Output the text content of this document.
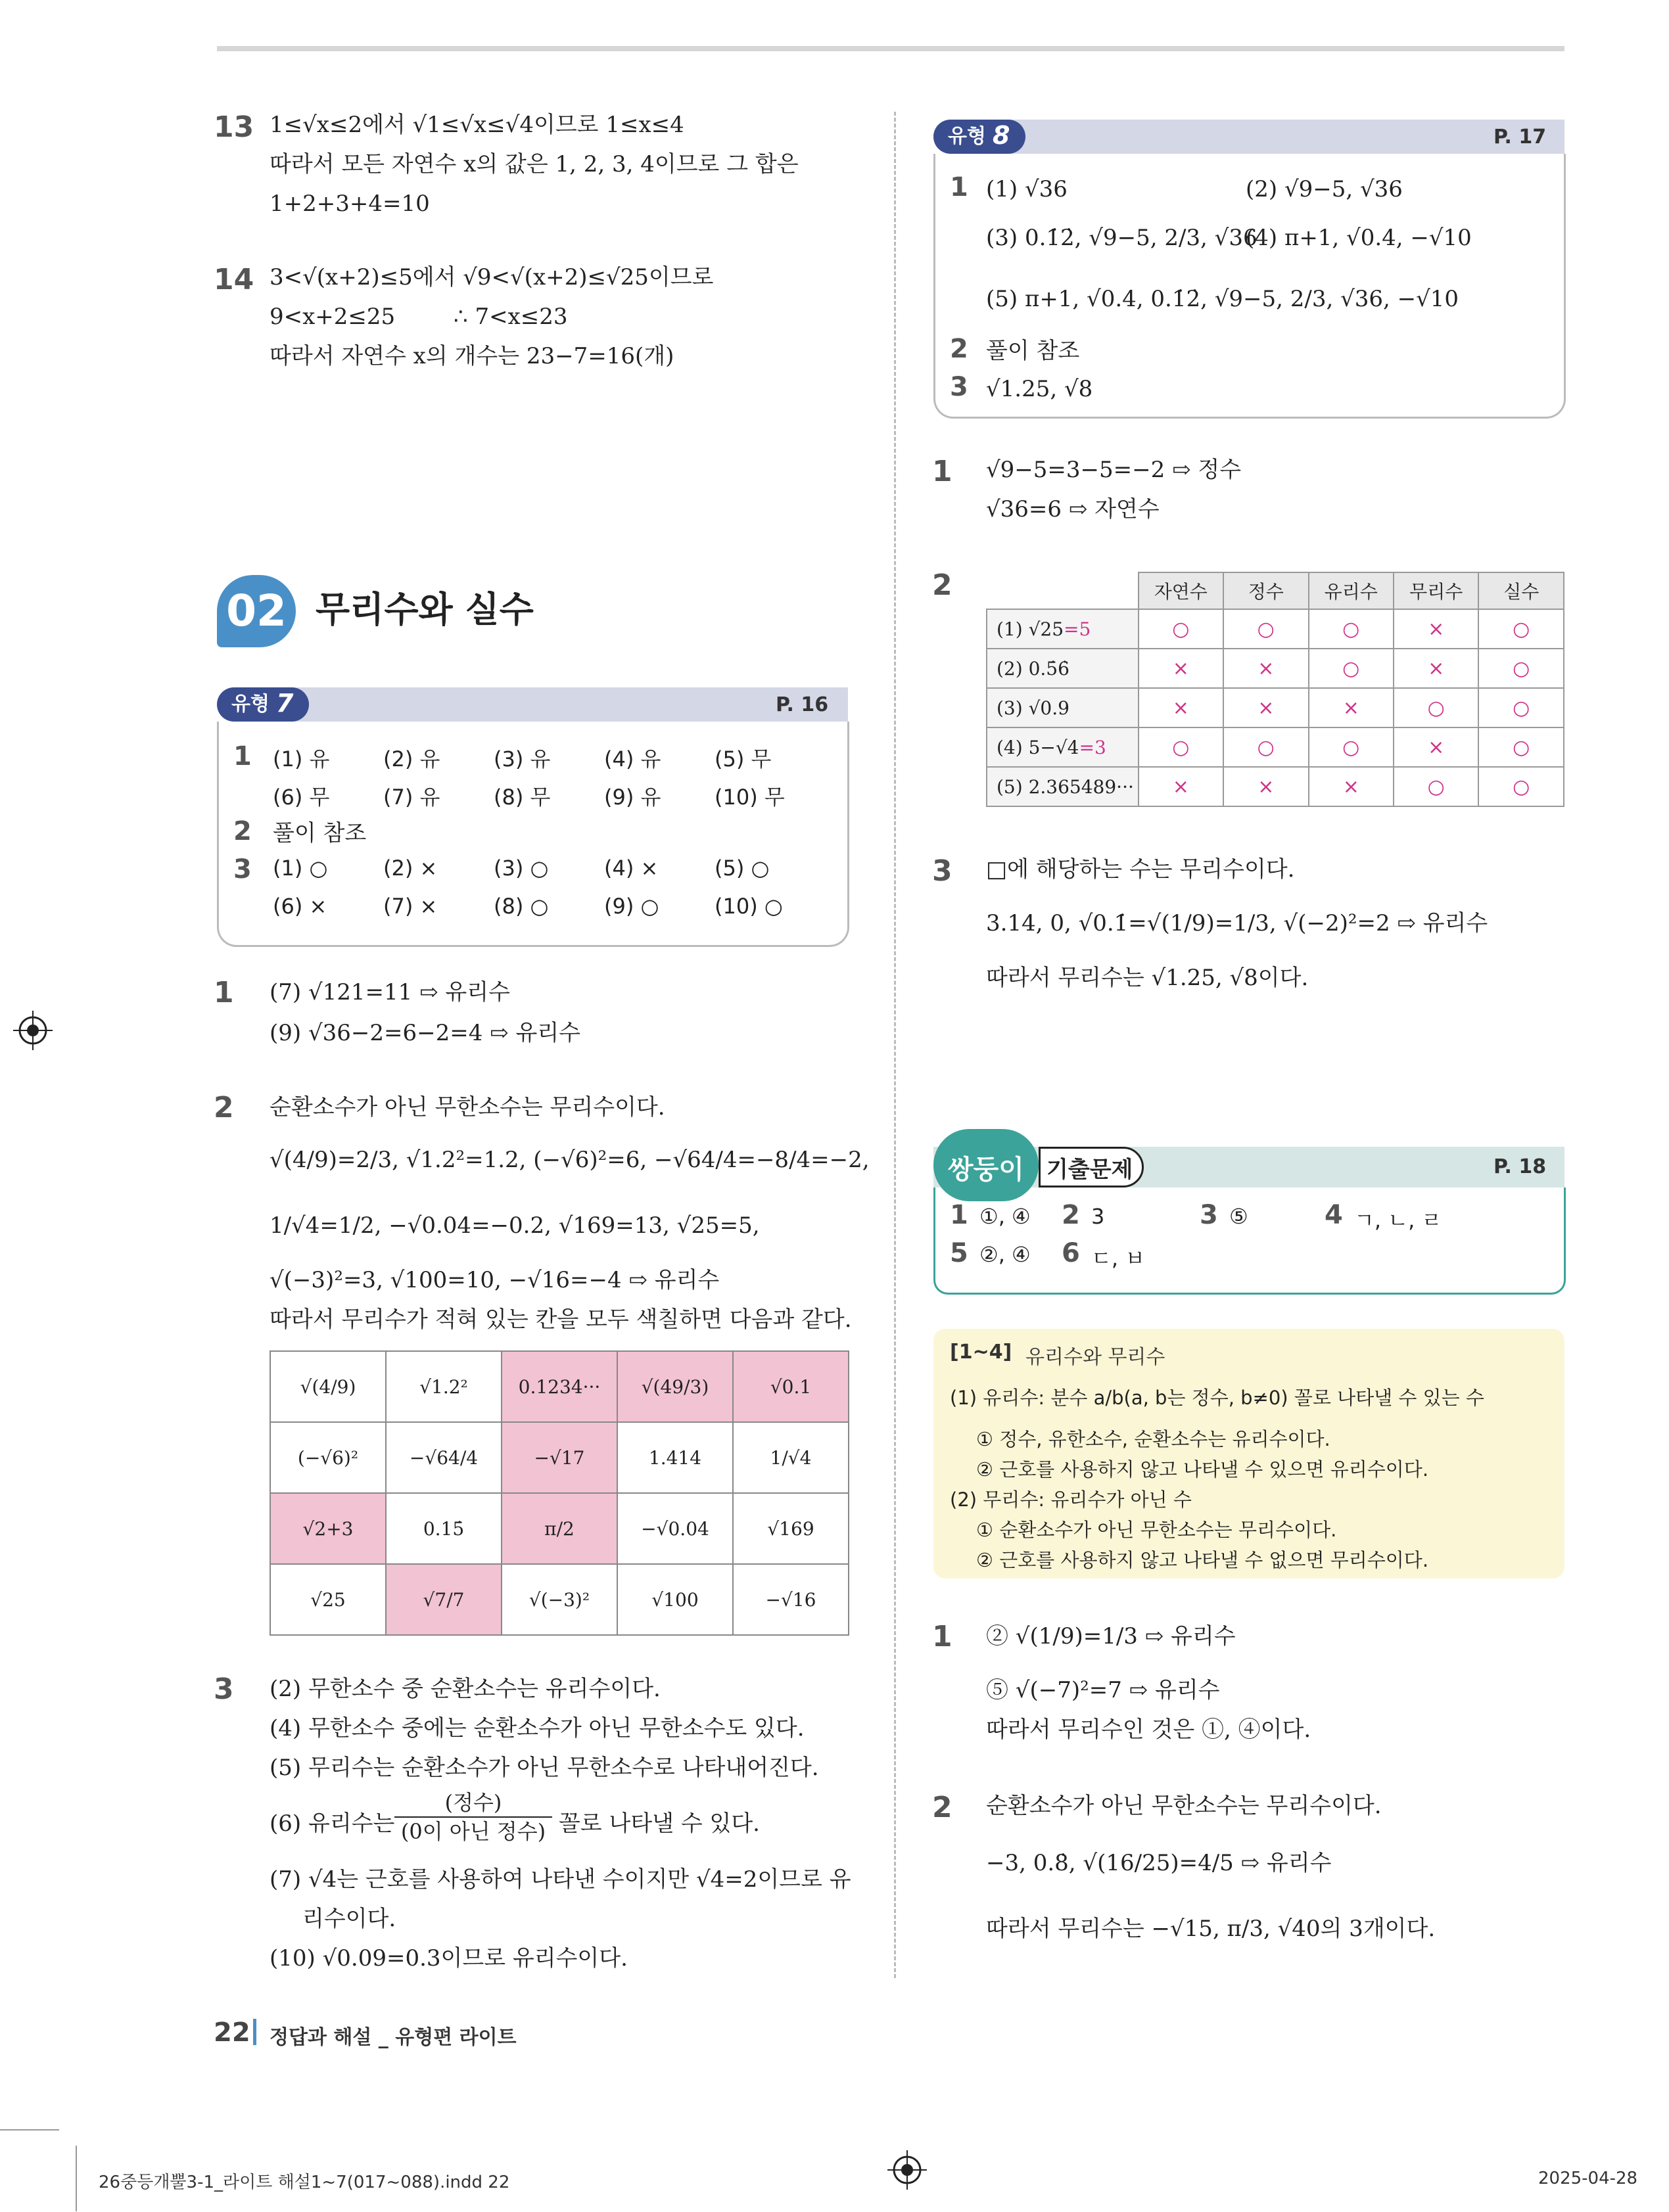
13 1≤√x≤2에서 √1≤√x≤√4이므로 1≤x≤4
따라서 모든 자연수 x의 값은 1, 2, 3, 4이므로 그 합은
1+2+3+4=10
14 3<√(x+2)≤5에서 √9<√(x+2)≤√25이므로
9<x+2≤25	∴ 7<x≤23
따라서 자연수 x의 개수는 23−7=16(개)
02 무리수와 실수
유형 7	P. 16
1 (1) 유	(2) 유	(3) 유	(4) 유	(5) 무
(6) 무	(7) 유	(8) 무	(9) 유	(10) 무
2 풀이 참조
3 (1) ○	(2) ×	(3) ○	(4) ×	(5) ○
(6) ×	(7) ×	(8) ○	(9) ○	(10) ○
1 (7) √121=11 ⇨ 유리수
(9) √36−2=6−2=4 ⇨ 유리수
2 순환소수가 아닌 무한소수는 무리수이다.
√(4/9)=2/3, √1.2²=1.2, (−√6)²=6, −√64/4=−8/4=−2,
1/√4=1/2, −√0.04=−0.2, √169=13, √25=5,
√(−3)²=3, √100=10, −√16=−4 ⇨ 유리수
따라서 무리수가 적혀 있는 칸을 모두 색칠하면 다음과 같다.
√(4/9)	√1.2²	0.1234···	√(49/3)	√0.1
(−√6)²	−√64/4	−√17	1.414	1/√4
√2+3	0.15̇	π/2	−√0.04	√169
√25	√7/7	√(−3)²	√100	−√16
3 (2) 무한소수 중 순환소수는 유리수이다.
(4) 무한소수 중에는 순환소수가 아닌 무한소수도 있다.
(5) 무리수는 순환소수가 아닌 무한소수로 나타내어진다.
(6) 유리수는
(정수)
(0이 아닌 정수) 꼴로 나타낼 수 있다.
(7) √4는 근호를 사용하여 나타낸 수이지만 √4=2이므로 유
리수이다.
(10) √0.09=0.3이므로 유리수이다.
유형 8	P. 17
1 (1) √36	(2) √9−5, √36
(3) 0.1̇2̇, √9−5, 2/3, √36
(4) π+1, √0.4, −√10
(5) π+1, √0.4, 0.1̇2̇, √9−5, 2/3, √36, −√10
2 풀이 참조
3 √1.25, √8
1 √9−5=3−5=−2 ⇨ 정수
√36=6 ⇨ 자연수
2
		자연수	정수	유리수	무리수	실수
(1) √25=5	○	○	○	×	○
(2) 0.5̇6̇	×	×	○	×	○
(3) √0.9	×	×	×	○	○
(4) 5−√4=3	○	○	○	×	○
(5) 2.365489···	×	×	×	○	○
3 □에 해당하는 수는 무리수이다.
3.14, 0, √0.1̇=√(1/9)=1/3, √(−2)²=2 ⇨ 유리수
따라서 무리수는 √1.25, √8이다.
쌍둥이	기출문제	P. 18
1 ①, ④ 2 3	3 ⑤	4 ㄱ, ㄴ, ㄹ
5 ②, ④ 6 ㄷ, ㅂ
[1~4] 유리수와 무리수
(1) 유리수: 분수 a/b(a, b는 정수, b≠0) 꼴로 나타낼 수 있는 수
① 정수, 유한소수, 순환소수는 유리수이다.
② 근호를 사용하지 않고 나타낼 수 있으면 유리수이다.
(2) 무리수: 유리수가 아닌 수
① 순환소수가 아닌 무한소수는 무리수이다.
② 근호를 사용하지 않고 나타낼 수 없으면 무리수이다.
1 ② √(1/9)=1/3 ⇨ 유리수
⑤ √(−7)²=7 ⇨ 유리수
따라서 무리수인 것은 ①, ④이다.
2 순환소수가 아닌 무한소수는 무리수이다.
−3, 0.8̇, √(16/25)=4/5 ⇨ 유리수
따라서 무리수는 −√15, π/3, √40의 3개이다.
22 정답과 해설 _ 유형편 라이트
26중등개뿔3-1_라이트 해설1~7(017~088).indd 22	2025-04-28
